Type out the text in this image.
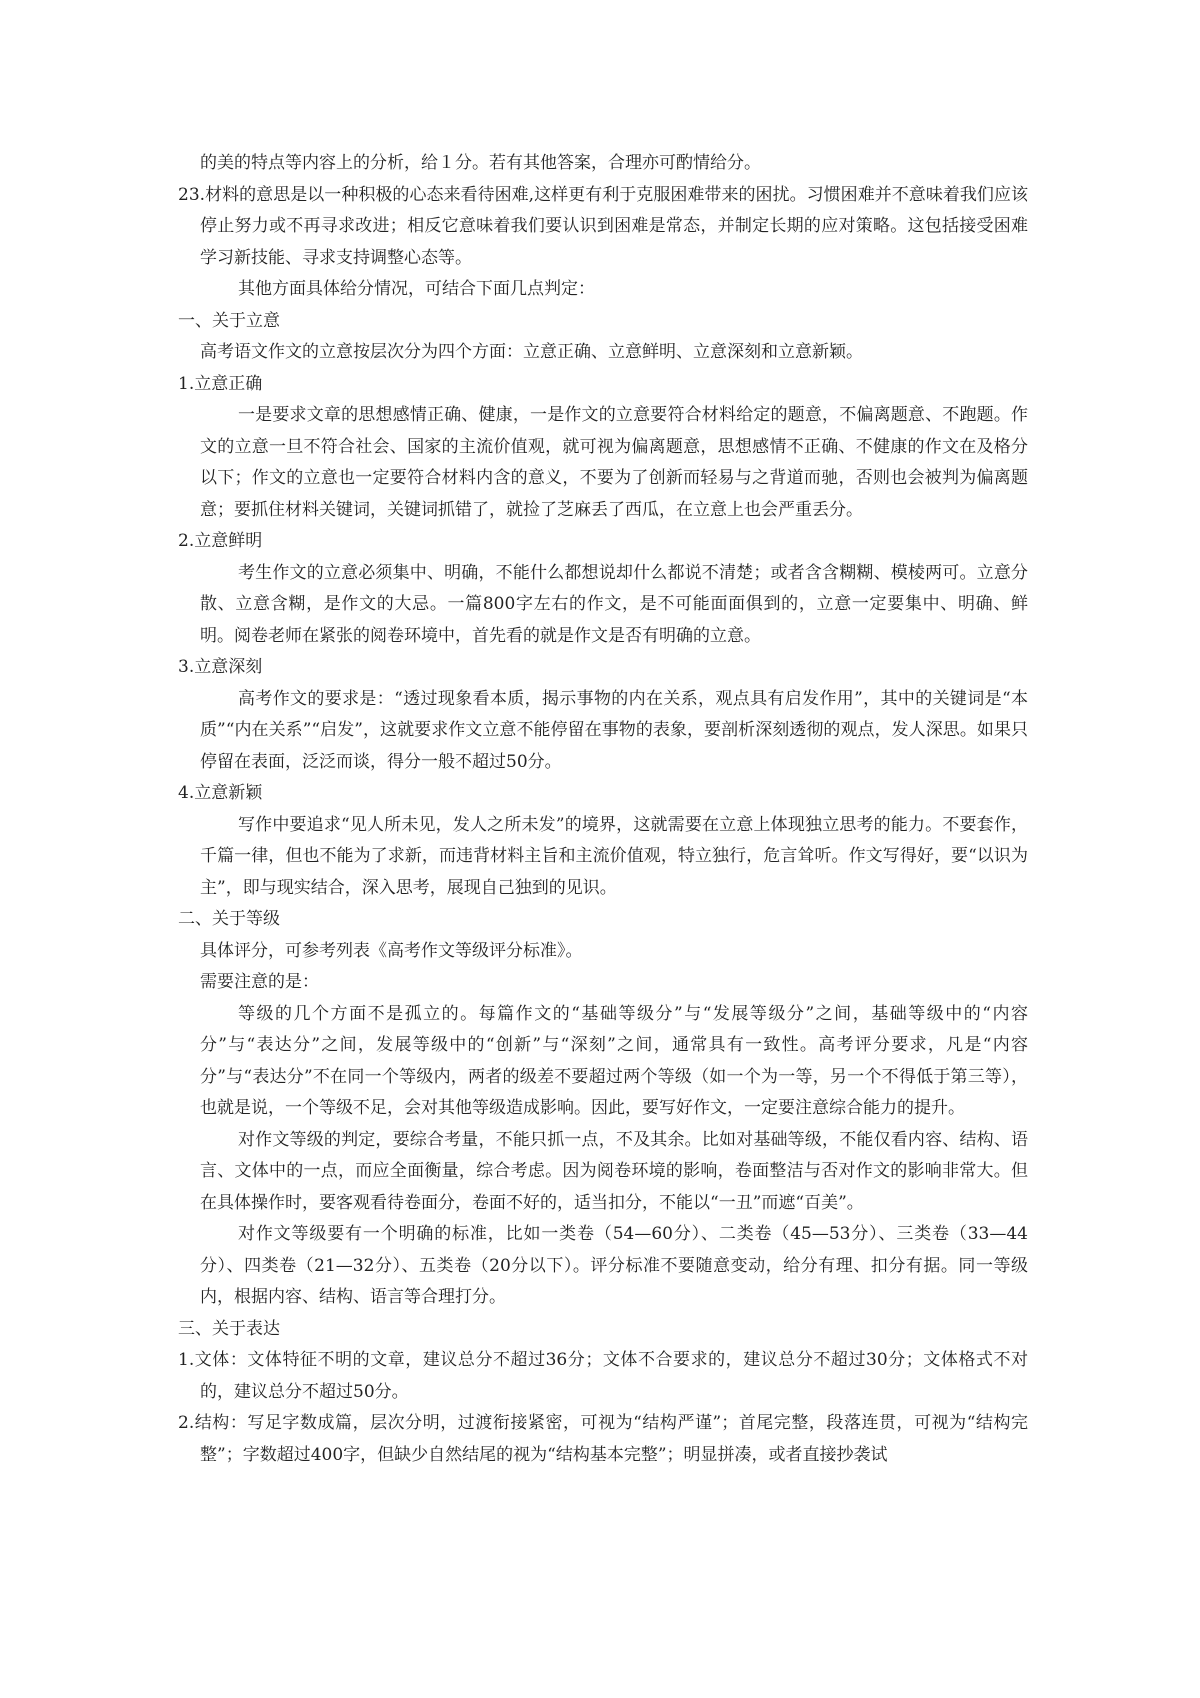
的美的特点等内容上的分析，给１分。若有其他答案，合理亦可酌情给分。

23.材料的意思是以一种积极的心态来看待困难,这样更有利于克服困难带来的困扰。习惯困难并不意味着我们应该停止努力或不再寻求改进；相反它意味着我们要认识到困难是常态，并制定长期的应对策略。这包括接受困难学习新技能、寻求支持调整心态等。

其他方面具体给分情况，可结合下面几点判定：

一、关于立意

高考语文作文的立意按层次分为四个方面：立意正确、立意鲜明、立意深刻和立意新颖。

1.立意正确

一是要求文章的思想感情正确、健康，一是作文的立意要符合材料给定的题意，不偏离题意、不跑题。作文的立意一旦不符合社会、国家的主流价值观，就可视为偏离题意，思想感情不正确、不健康的作文在及格分以下；作文的立意也一定要符合材料内含的意义，不要为了创新而轻易与之背道而驰，否则也会被判为偏离题意；要抓住材料关键词，关键词抓错了，就捡了芝麻丢了西瓜，在立意上也会严重丢分。

2.立意鲜明

考生作文的立意必须集中、明确，不能什么都想说却什么都说不清楚；或者含含糊糊、模棱两可。立意分散、立意含糊，是作文的大忌。一篇800字左右的作文，是不可能面面俱到的，立意一定要集中、明确、鲜明。阅卷老师在紧张的阅卷环境中，首先看的就是作文是否有明确的立意。

3.立意深刻

高考作文的要求是：“透过现象看本质，揭示事物的内在关系，观点具有启发作用”，其中的关键词是“本质”“内在关系”“启发”，这就要求作文立意不能停留在事物的表象，要剖析深刻透彻的观点，发人深思。如果只停留在表面，泛泛而谈，得分一般不超过50分。

4.立意新颖

写作中要追求“见人所未见，发人之所未发”的境界，这就需要在立意上体现独立思考的能力。不要套作，千篇一律，但也不能为了求新，而违背材料主旨和主流价值观，特立独行，危言耸听。作文写得好，要“以识为主”，即与现实结合，深入思考，展现自己独到的见识。

二、关于等级

具体评分，可参考列表《高考作文等级评分标准》。

需要注意的是：

等级的几个方面不是孤立的。每篇作文的“基础等级分”与“发展等级分”之间，基础等级中的“内容分”与“表达分”之间，发展等级中的“创新”与“深刻”之间，通常具有一致性。高考评分要求，凡是“内容分”与“表达分”不在同一个等级内，两者的级差不要超过两个等级（如一个为一等，另一个不得低于第三等），也就是说，一个等级不足，会对其他等级造成影响。因此，要写好作文，一定要注意综合能力的提升。

对作文等级的判定，要综合考量，不能只抓一点，不及其余。比如对基础等级，不能仅看内容、结构、语言、文体中的一点，而应全面衡量，综合考虑。因为阅卷环境的影响，卷面整洁与否对作文的影响非常大。但在具体操作时，要客观看待卷面分，卷面不好的，适当扣分，不能以“一丑”而遮“百美”。

对作文等级要有一个明确的标准，比如一类卷（54—60分）、二类卷（45—53分）、三类卷（33—44分）、四类卷（21—32分）、五类卷（20分以下）。评分标准不要随意变动，给分有理、扣分有据。同一等级内，根据内容、结构、语言等合理打分。

三、关于表达

1.文体：文体特征不明的文章，建议总分不超过36分；文体不合要求的，建议总分不超过30分；文体格式不对的，建议总分不超过50分。

2.结构：写足字数成篇，层次分明，过渡衔接紧密，可视为“结构严谨”；首尾完整，段落连贯，可视为“结构完整”；字数超过400字，但缺少自然结尾的视为“结构基本完整”；明显拼凑，或者直接抄袭试
